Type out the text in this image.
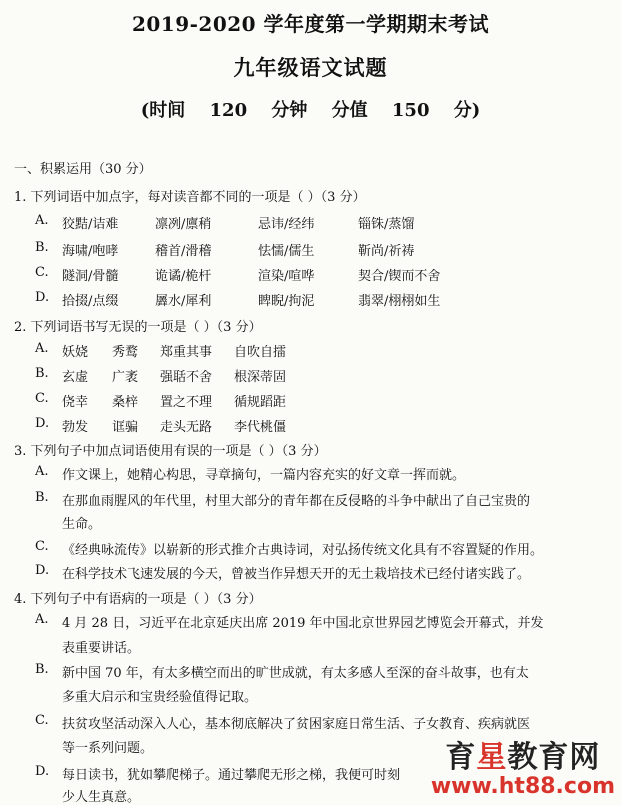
2019-2020 学年度第一学期期末考试
九年级语文试题
(时间 120 分钟 分值 150 分)
一、积累运用（30 分）
1. 下列词语中加点字，每对读音都不同的一项是（ ）（3 分）
A. 狡黠/诘难	凛冽/廪稍	忌讳/经纬	锱铢/蒸馏
B. 海啸/咆哮	稽首/滑稽	怯懦/儒生	靳尚/祈祷
C. 隧洞/骨髓	诡谲/桅杆	渲染/喧哗	契合/锲而不舍
D. 拾掇/点缀	羼水/犀利	睥睨/拘泥	翡翠/栩栩如生
2. 下列词语书写无误的一项是（ ）（3 分）
A. 妖娆 秀鹜 郑重其事 自吹自擂
B. 玄虚 广袤 强聒不舍 根深蒂固
C. 侥幸 桑梓 置之不理 循规蹈距
D. 勃发 诓骗 走头无路 李代桃僵
3. 下列句子中加点词语使用有误的一项是（ ）（3 分）
A. 作文课上，她精心构思，寻章摘句，一篇内容充实的好文章一挥而就。
B. 在那血雨腥风的年代里，村里大部分的青年都在反侵略的斗争中献出了自己宝贵的
生命。
C. 《经典咏流传》以崭新的形式推介古典诗词，对弘扬传统文化具有不容置疑的作用。
D. 在科学技术飞速发展的今天，曾被当作异想天开的无土栽培技术已经付诸实践了。
4. 下列句子中有语病的一项是（ ）（3 分）
A. 4 月 28 日，习近平在北京延庆出席 2019 年中国北京世界园艺博览会开幕式，并发
表重要讲话。
B. 新中国 70 年，有太多横空而出的旷世成就，有太多感人至深的奋斗故事，也有太
多重大启示和宝贵经验值得记取。
C. 扶贫攻坚活动深入人心，基本彻底解决了贫困家庭日常生活、子女教育、疾病就医
等一系列问题。
D. 每日读书，犹如攀爬梯子。通过攀爬无形之梯，我便可时刻
少人生真意。
育星教育网
www.ht88.com
